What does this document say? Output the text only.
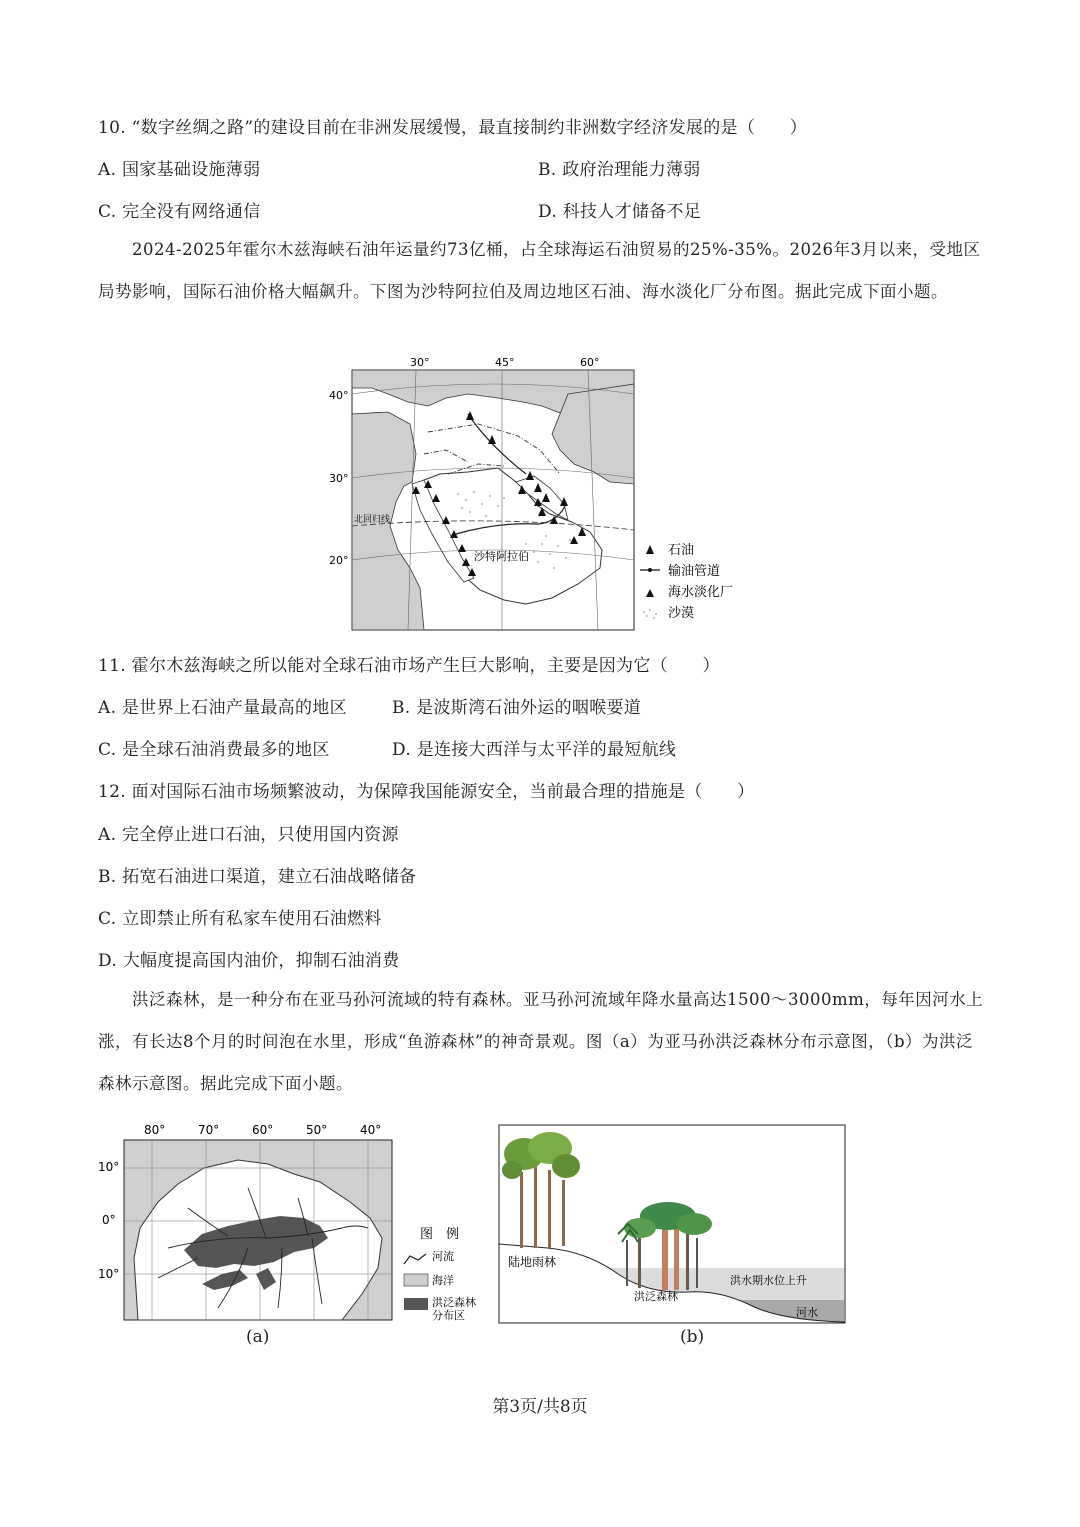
10. “数字丝绸之路”的建设目前在非洲发展缓慢，最直接制约非洲数字经济发展的是（　　）
A. 国家基础设施薄弱	B. 政府治理能力薄弱
C. 完全没有网络通信	D. 科技人才储备不足
2024-2025年霍尔木兹海峡石油年运量约73亿桶，占全球海运石油贸易的25%-35%。2026年3月以来，受地区局势影响，国际石油价格大幅飙升。下图为沙特阿拉伯及周边地区石油、海水淡化厂分布图。据此完成下面小题。
30°	45°	60°
40°
30°
20°
北回归线
沙特阿拉伯	石油
输油管道
海水淡化厂
沙漠
11. 霍尔木兹海峡之所以能对全球石油市场产生巨大影响，主要是因为它（　　）
A. 是世界上石油产量最高的地区	B. 是波斯湾石油外运的咽喉要道
C. 是全球石油消费最多的地区	D. 是连接大西洋与太平洋的最短航线
12. 面对国际石油市场频繁波动，为保障我国能源安全，当前最合理的措施是（　　）
A. 完全停止进口石油，只使用国内资源
B. 拓宽石油进口渠道，建立石油战略储备
C. 立即禁止所有私家车使用石油燃料
D. 大幅度提高国内油价，抑制石油消费
洪泛森林，是一种分布在亚马孙河流域的特有森林。亚马孙河流域年降水量高达1500～3000mm，每年因河水上涨，有长达8个月的时间泡在水里，形成“鱼游森林”的神奇景观。图（a）为亚马孙洪泛森林分布示意图，（b）为洪泛森林示意图。据此完成下面小题。
80°	70°	60°	50°	40°
10°
0°
10°
图　例
河流
海洋
洪泛森林
分布区
(a)
陆地雨林
洪泛森林
洪水期水位上升
河水
(b)
第3页/共8页
